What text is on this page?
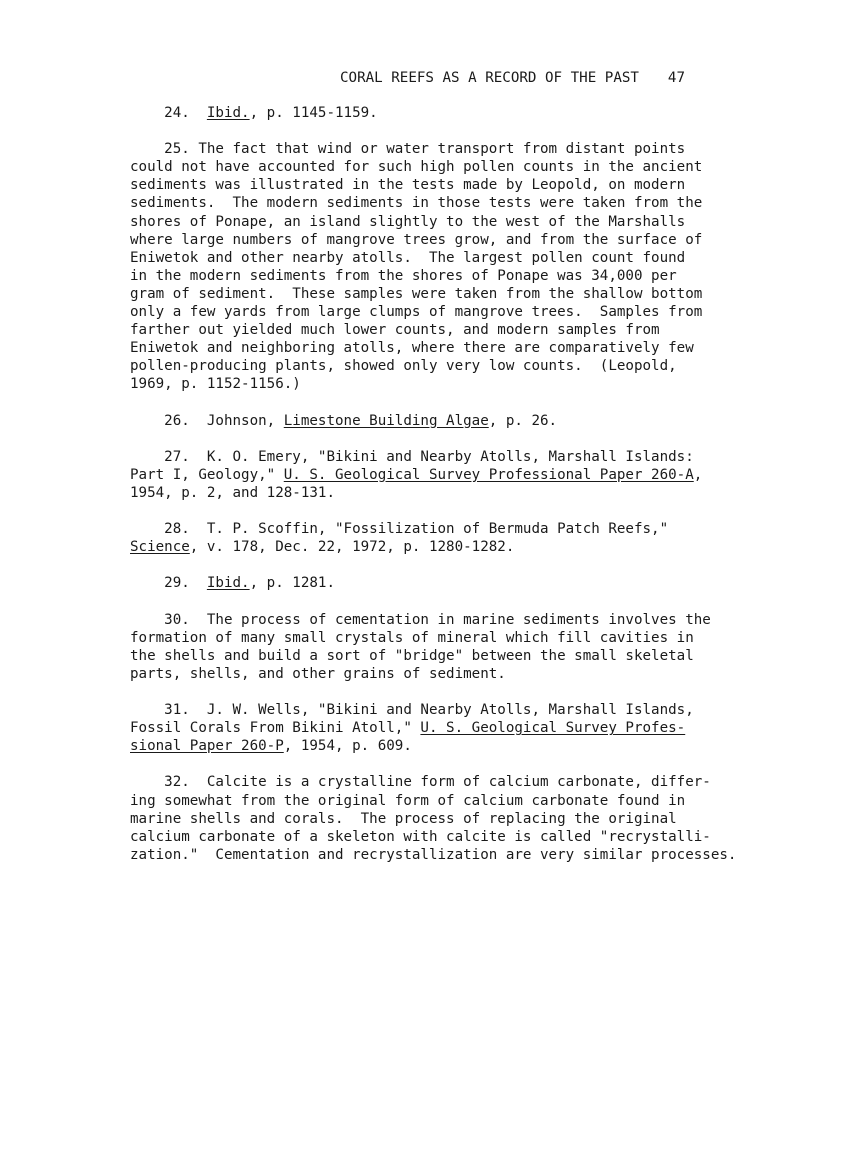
CORAL REEFS AS A RECORD OF THE PAST 47
24.  Ibid., p. 1145-1159.
25. The fact that wind or water transport from distant points
could not have accounted for such high pollen counts in the ancient
sediments was illustrated in the tests made by Leopold, on modern
sediments.  The modern sediments in those tests were taken from the
shores of Ponape, an island slightly to the west of the Marshalls
where large numbers of mangrove trees grow, and from the surface of
Eniwetok and other nearby atolls.  The largest pollen count found
in the modern sediments from the shores of Ponape was 34,000 per
gram of sediment.  These samples were taken from the shallow bottom
only a few yards from large clumps of mangrove trees.  Samples from
farther out yielded much lower counts, and modern samples from
Eniwetok and neighboring atolls, where there are comparatively few
pollen-producing plants, showed only very low counts.  (Leopold,
1969, p. 1152-1156.)
26.  Johnson, Limestone Building Algae, p. 26.
27.  K. O. Emery, "Bikini and Nearby Atolls, Marshall Islands:
Part I, Geology," U. S. Geological Survey Professional Paper 260-A,
1954, p. 2, and 128-131.
28.  T. P. Scoffin, "Fossilization of Bermuda Patch Reefs,"
Science, v. 178, Dec. 22, 1972, p. 1280-1282.
29.  Ibid., p. 1281.
30.  The process of cementation in marine sediments involves the
formation of many small crystals of mineral which fill cavities in
the shells and build a sort of "bridge" between the small skeletal
parts, shells, and other grains of sediment.
31.  J. W. Wells, "Bikini and Nearby Atolls, Marshall Islands,
Fossil Corals From Bikini Atoll," U. S. Geological Survey Profes-
sional Paper 260-P, 1954, p. 609.
32.  Calcite is a crystalline form of calcium carbonate, differ-
ing somewhat from the original form of calcium carbonate found in
marine shells and corals.  The process of replacing the original
calcium carbonate of a skeleton with calcite is called "recrystalli-
zation."  Cementation and recrystallization are very similar processes.
